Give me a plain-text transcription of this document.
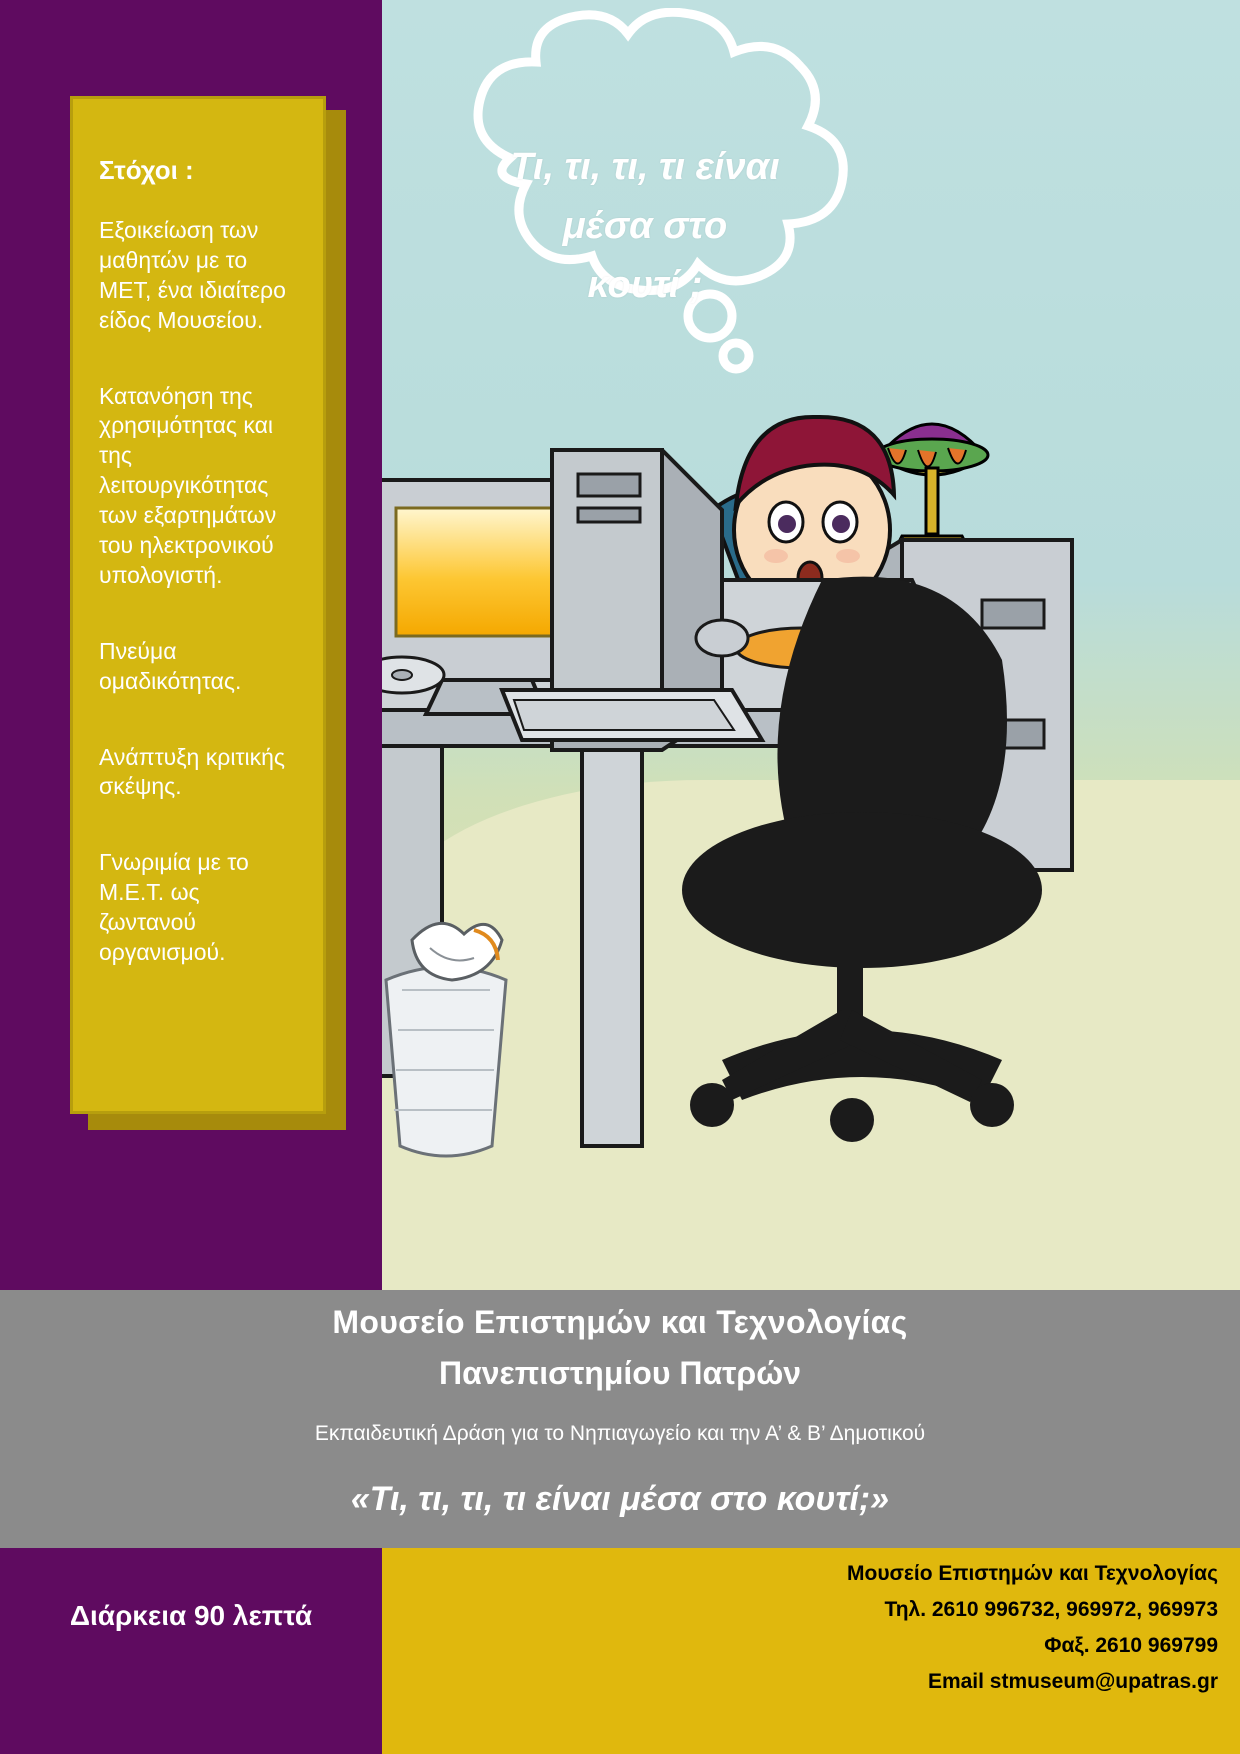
Τι, τι, τι, τι είναι
μέσα στο
κουτί ;
Στόχοι :
Εξοικείωση των μαθητών με το ΜΕΤ, ένα ιδιαίτερο είδος Μουσείου.
Κατανόηση της χρησιμότητας και της λειτουργικότητας των εξαρτημάτων του ηλεκτρονικού υπολογιστή.
Πνεύμα ομαδικότητας.
Ανάπτυξη κριτικής σκέψης.
Γνωριμία με το Μ.Ε.Τ. ως ζωντανού οργανισμού.
Μουσείο Επιστημών και Τεχνολογίας
Πανεπιστημίου Πατρών
Εκπαιδευτική Δράση για το Νηπιαγωγείο και την Α’ & Β’ Δημοτικού
«Τι, τι, τι, τι είναι μέσα στο κουτί;»
Διάρκεια 90 λεπτά
Μουσείο Επιστημών και Τεχνολογίας
Τηλ. 2610 996732, 969972, 969973
Φαξ. 2610 969799
Email stmuseum@upatras.gr
